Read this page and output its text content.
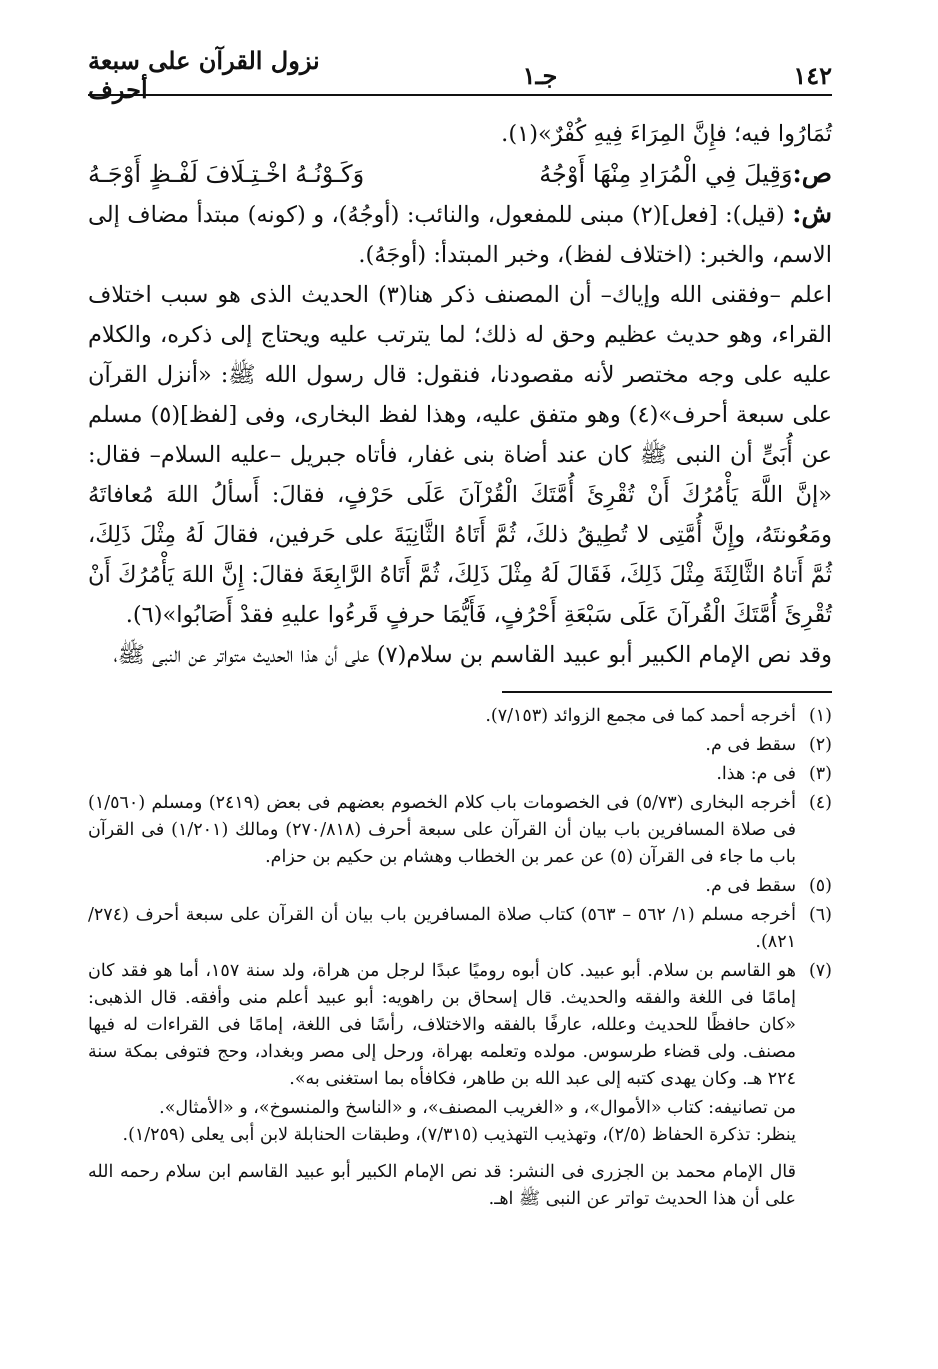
١٤٢
جـ١
نزول القرآن على سبعة أحرف

تُمَارُوا فيه؛ فإِنَّ المِرَاءَ فِيهِ كُفْرٌ»(١).

ص:
وَقِيلَ فِي الْمُرَادِ مِنْهَا أَوْجُهُ
وَكَـوْنُـهُ اخْـتِـلَافَ لَفْـظٍ أَوْجَـهُ

ش: (قيل): [فعل](٢) مبنى للمفعول، والنائب: (أوجُهُ)، و (كونه) مبتدأ مضاف إلى الاسم، والخبر: (اختلاف لفظ)، وخبر المبتدأ: (أوجَهُ).

اعلم –وفقنى الله وإياك– أن المصنف ذكر هنا(٣) الحديث الذى هو سبب اختلاف القراء، وهو حديث عظيم وحق له ذلك؛ لما يترتب عليه ويحتاج إلى ذكره، والكلام عليه على وجه مختصر لأنه مقصودنا، فنقول: قال رسول الله ﷺ: «أنزل القرآن على سبعة أحرف»(٤) وهو متفق عليه، وهذا لفظ البخارى، وفى [لفظ](٥) مسلم عن أُبَىٍّ أن النبى ﷺ كان عند أضاة بنى غفار، فأتاه جبريل –عليه السلام– فقال: «إنَّ اللَّهَ يَأْمُرُكَ أَنْ تُقْرِئَ أُمَّتَكَ الْقُرْآنَ عَلَى حَرْفٍ، فقالَ: أَسألُ اللهَ مُعافاتَهُ ومَعُونتَهُ، وإِنَّ أُمَّتِى لا تُطِيقُ ذلكَ، ثُمَّ أَتَاهُ الثَّانِيَةَ على حَرفين، فقالَ لَهُ مِثْلَ ذَلِكَ، ثُمَّ أَتاهُ الثَّالِثَةَ مِثْلَ ذَلِكَ، فَقَالَ لَهُ مِثْلَ ذَلِكَ، ثُمَّ أَتَاهُ الرَّابِعَةَ فقالَ: إِنَّ اللهَ يَأْمُرُكَ أَنْ تُقْرِئَ أُمَّتَكَ الْقُرآنَ عَلَى سَبْعَةِ أَحْرُفٍ، فَأَيُّمَا حرفٍ قَرءُوا عليهِ فقدْ أَصَابُوا»(٦).

وقد نص الإمام الكبير أبو عبيد القاسم بن سلام(٧) على أن هذا الحديث متواتر عن النبى ﷺ،

(١)
أخرجه أحمد كما فى مجمع الزوائد (٧/١٥٣).
(٢)
سقط فى م.
(٣)
فى م: هذا.
(٤)
أخرجه البخارى (٥/٧٣) فى الخصومات باب كلام الخصوم بعضهم فى بعض (٢٤١٩) ومسلم (١/٥٦٠) فى صلاة المسافرين باب بيان أن القرآن على سبعة أحرف (٢٧٠/٨١٨) ومالك (١/٢٠١) فى القرآن باب ما جاء فى القرآن (٥) عن عمر بن الخطاب وهشام بن حكيم بن حزام.
(٥)
سقط فى م.
(٦)
أخرجه مسلم (١/ ٥٦٢ – ٥٦٣) كتاب صلاة المسافرين باب بيان أن القرآن على سبعة أحرف (٢٧٤/ ٨٢١).
(٧)
هو القاسم بن سلام. أبو عبيد. كان أبوه روميًا عبدًا لرجل من هراة، ولد سنة ١٥٧، أما هو فقد كان إمامًا فى اللغة والفقه والحديث. قال إسحاق بن راهويه: أبو عبيد أعلم منى وأفقه. قال الذهبى: «كان حافظًا للحديث وعلله، عارفًا بالفقه والاختلاف، رأسًا فى اللغة، إمامًا فى القراءات له فيها مصنف. ولى قضاء طرسوس. مولده وتعلمه بهراة، ورحل إلى مصر وبغداد، وحج فتوفى بمكة سنة ٢٢٤ هـ. وكان يهدى كتبه إلى عبد الله بن طاهر، فكافأه بما استغنى به».

من تصانيفه: كتاب «الأموال»، و «الغريب المصنف»، و «الناسخ والمنسوخ»، و «الأمثال».

ينظر: تذكرة الحفاظ (٢/٥)، وتهذيب التهذيب (٧/٣١٥)، وطبقات الحنابلة لابن أبى يعلى (١/٢٥٩).

قال الإمام محمد بن الجزرى فى النشر: قد نص الإمام الكبير أبو عبيد القاسم ابن سلام رحمه الله على أن هذا الحديث تواتر عن النبى ﷺ اهـ.
